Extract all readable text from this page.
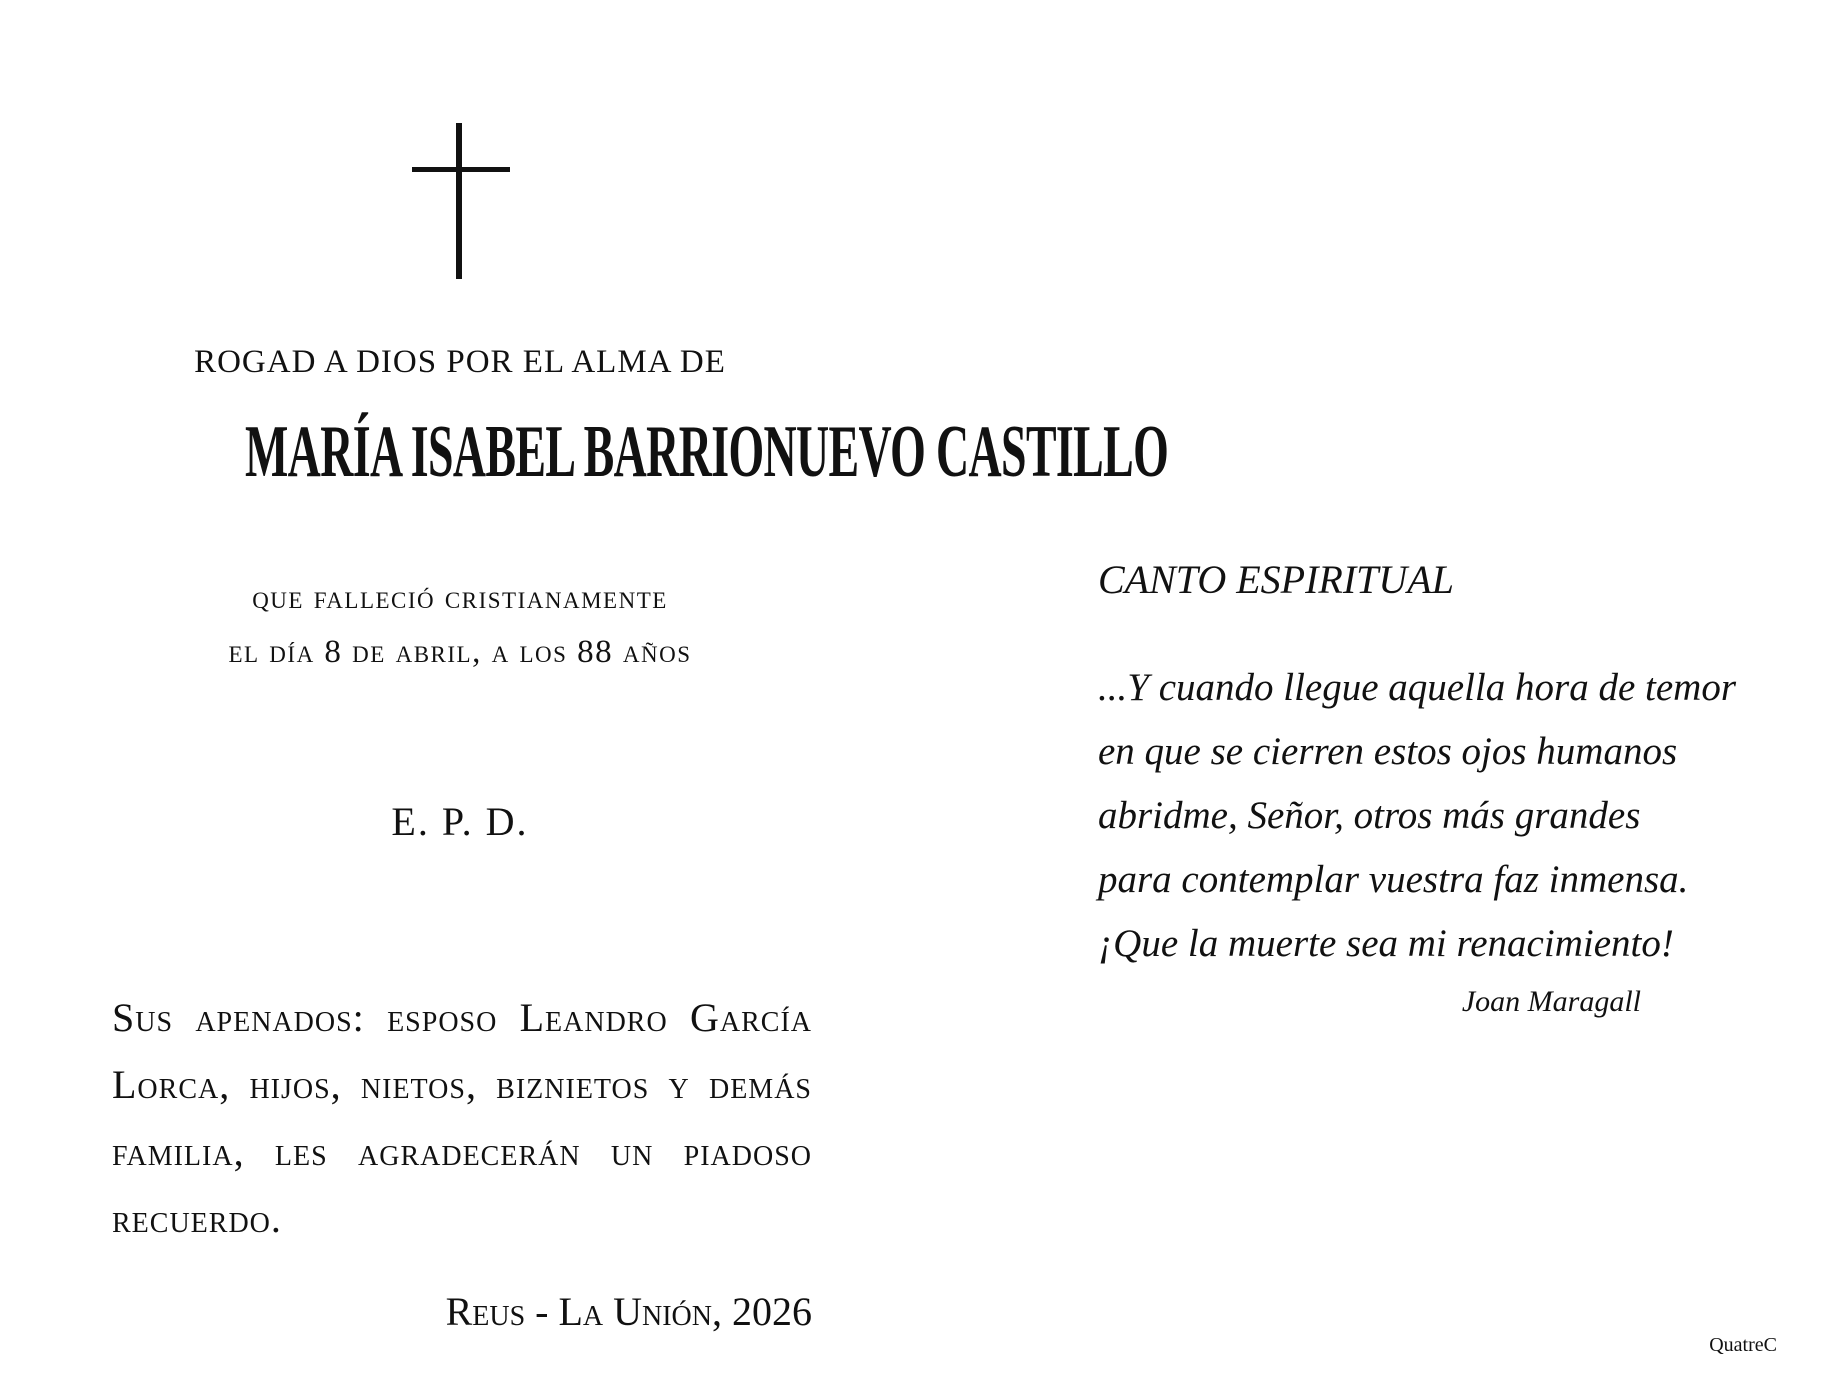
ROGAD A DIOS POR EL ALMA DE
MARÍA ISABEL BARRIONUEVO CASTILLO
que falleció cristianamente
el día 8 de abril, a los 88 años
E. P. D.
Sus apenados: esposo Leandro García Lorca, hijos, nietos, biznietos y demás familia, les agradecerán un piadoso recuerdo.
Reus - La Unión, 2026
CANTO ESPIRITUAL
...Y cuando llegue aquella hora de temor
en que se cierren estos ojos humanos
abridme, Señor, otros más grandes
para contemplar vuestra faz inmensa.
¡Que la muerte sea mi renacimiento!
Joan Maragall
QuatreC
